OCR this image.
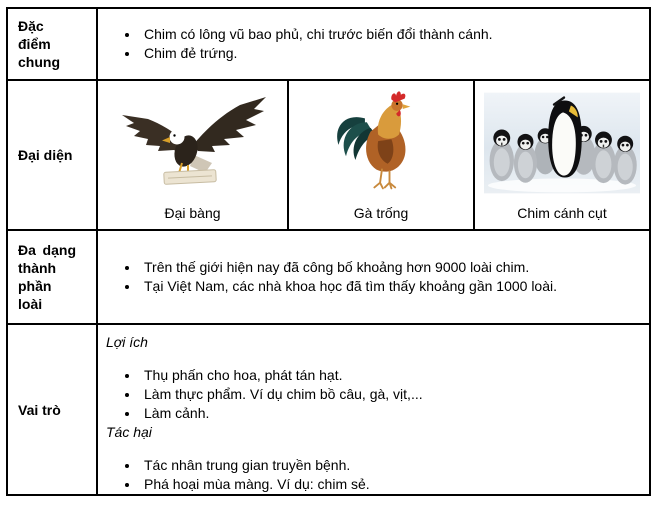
Đặc điểm chung
• Chim có lông vũ bao phủ, chi trước biến đổi thành cánh.
• Chim đẻ trứng.
Đại diện
Đại bàng	Gà trống	Chim cánh cụt
Đa dạng thành phần loài
• Trên thế giới hiện nay đã công bố khoảng hơn 9000 loài chim.
• Tại Việt Nam, các nhà khoa học đã tìm thấy khoảng gần 1000 loài.
Vai trò

Lợi ích

• Thụ phấn cho hoa, phát tán hạt.
• Làm thực phẩm. Ví dụ chim bồ câu, gà, vịt,...
• Làm cảnh.

Tác hại

• Tác nhân trung gian truyền bệnh.
• Phá hoại mùa màng. Ví dụ: chim sẻ.
